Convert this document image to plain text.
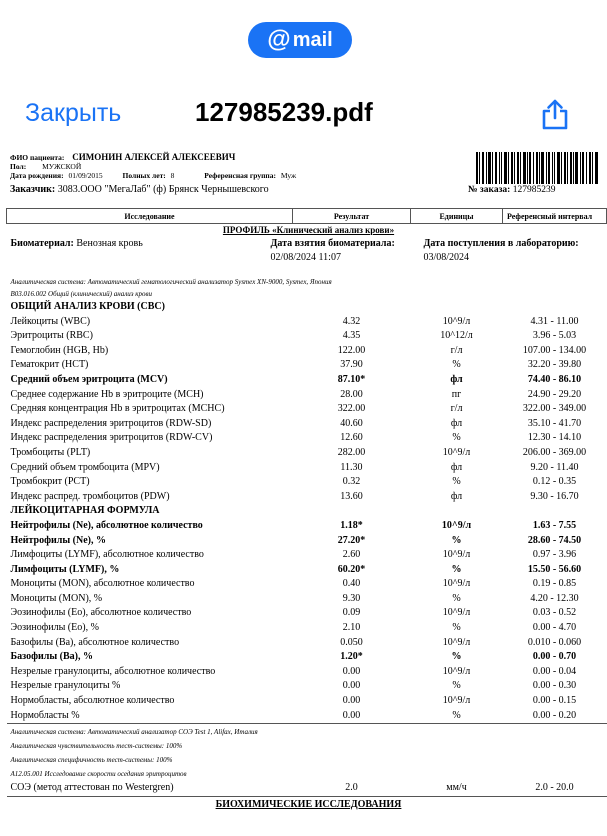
@ mail
Закрыть	127985239.pdf
ФИО пациента: СИМОНИН АЛЕКСЕЙ АЛЕКСЕЕВИЧ
Пол: МУЖСКОЙ
Дата рождения: 01/09/2015	Полных лет: 8	Референсная группа: Муж
Заказчик: 3083.ООО "МегаЛаб" (ф) Брянск Чернышевского	№ заказа: 127985239
Исследование	Результат	Единицы	Референсный интервал
ПРОФИЛЬ «Клинический анализ крови»			
Биоматериал: Венозная кровь	Дата взятия биоматериала:
02/08/2024 11:07
Дата поступления в лабораторию:
03/08/2024		

Аналитическая система: Автоматический гематологический анализатор Sysmex XN-9000, Sysmex, Япония			
B03.016.002 Общий (клинический) анализ крови			
ОБЩИЙ АНАЛИЗ КРОВИ (CBC)			
Лейкоциты (WBC)	4.32	10^9/л	4.31 - 11.00
Эритроциты (RBC)	4.35	10^12/л	3.96 - 5.03
Гемоглобин (HGB, Hb)	122.00	г/л	107.00 - 134.00
Гематокрит (HCT)	37.90	%	32.20 - 39.80
Средний объем эритроцита (MCV)	87.10*	фл	74.40 - 86.10
Среднее содержание Hb в эритроците (MCH)	28.00	пг	24.90 - 29.20
Средняя концентрация Hb в эритроцитах (MCHC)	322.00	г/л	322.00 - 349.00
Индекс распределения эритроцитов (RDW-SD)	40.60	фл	35.10 - 41.70
Индекс распределения эритроцитов (RDW-CV)	12.60	%	12.30 - 14.10
Тромбоциты (PLT)	282.00	10^9/л	206.00 - 369.00
Средний объем тромбоцита (MPV)	11.30	фл	9.20 - 11.40
Тромбокрит (PCT)	0.32	%	0.12 - 0.35
Индекс распред. тромбоцитов (PDW)	13.60	фл	9.30 - 16.70
ЛЕЙКОЦИТАРНАЯ ФОРМУЛА			
Нейтрофилы (Ne), абсолютное количество	1.18*	10^9/л	1.63 - 7.55
Нейтрофилы (Ne), %	27.20*	%	28.60 - 74.50
Лимфоциты (LYMF), абсолютное количество	2.60	10^9/л	0.97 - 3.96
Лимфоциты (LYMF), %	60.20*	%	15.50 - 56.60
Моноциты (MON), абсолютное количество	0.40	10^9/л	0.19 - 0.85
Моноциты (MON), %	9.30	%	4.20 - 12.30
Эозинофилы (Eo), абсолютное количество	0.09	10^9/л	0.03 - 0.52
Эозинофилы (Eo), %	2.10	%	0.00 - 4.70
Базофилы (Ba), абсолютное количество	0.050	10^9/л	0.010 - 0.060
Базофилы (Ba), %	1.20*	%	0.00 - 0.70
Незрелые гранулоциты, абсолютное количество	0.00	10^9/л	0.00 - 0.04
Незрелые гранулоциты %	0.00	%	0.00 - 0.30
Нормобласты, абсолютное количество	0.00	10^9/л	0.00 - 0.15
Нормобласты %	0.00	%	0.00 - 0.20

Аналитическая система: Автоматический анализатор СОЭ Test 1, Alifax, Италия			
Аналитическая чувствительность тест-системы: 100%			
Аналитическая специфичность тест-системы: 100%			
A12.05.001 Исследование скорости оседания эритроцитов			
СОЭ (метод аттестован по Westergren)	2.0	мм/ч	2.0 - 20.0

БИОХИМИЧЕСКИЕ ИССЛЕДОВАНИЯ			
